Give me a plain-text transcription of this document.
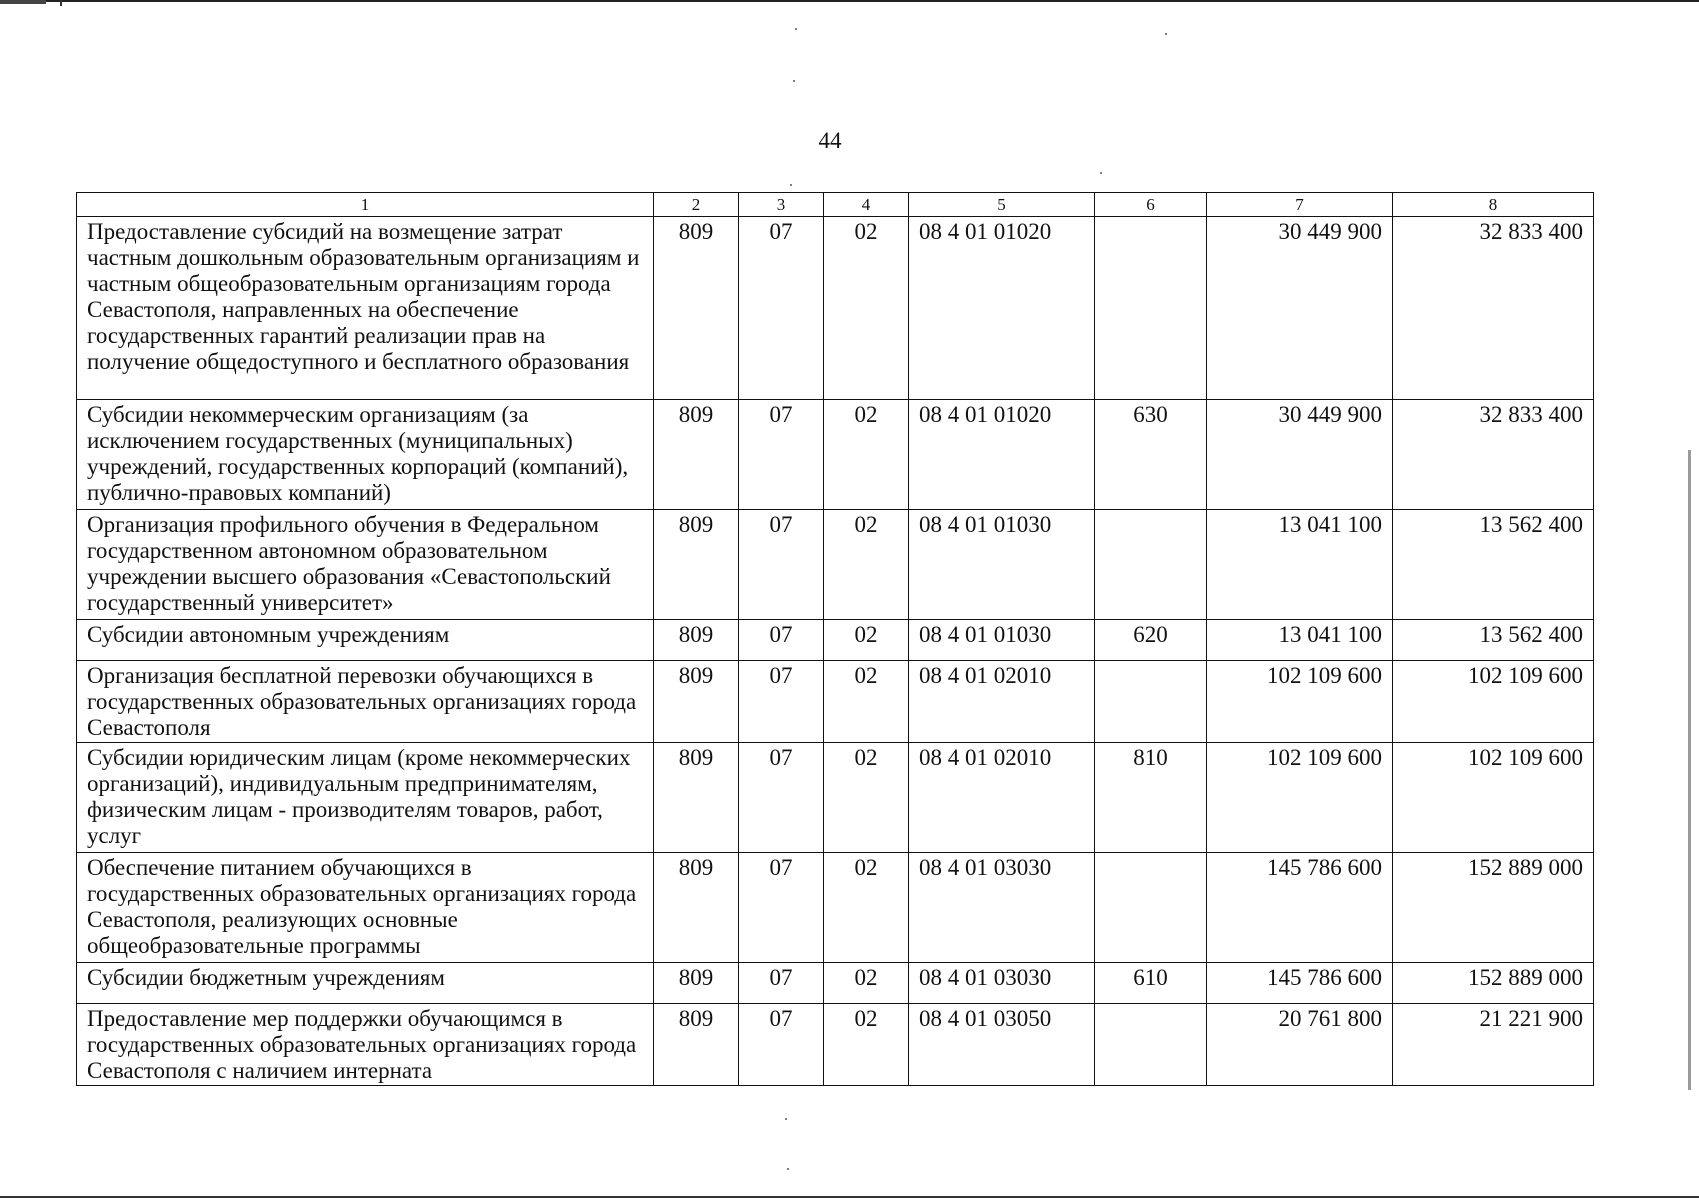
44
1	2	3	4	5	6	7	8
Предоставление субсидий на возмещение затрат частным дошкольным образовательным организациям и частным общеобразовательным организациям города Севастополя, направленных на обеспечение государственных гарантий реализации прав на получение общедоступного и бесплатного образования	809	07	02	08 4 01 01020		30 449 900	32 833 400
Субсидии некоммерческим организациям (за исключением государственных (муниципальных) учреждений, государственных корпораций (компаний), публично-правовых компаний)	809	07	02	08 4 01 01020	630	30 449 900	32 833 400
Организация профильного обучения в Федеральном государственном автономном образовательном учреждении высшего образования «Севастопольский государственный университет»	809	07	02	08 4 01 01030		13 041 100	13 562 400
Субсидии автономным учреждениям	809	07	02	08 4 01 01030	620	13 041 100	13 562 400
Организация бесплатной перевозки обучающихся в государственных образовательных организациях города Севастополя	809	07	02	08 4 01 02010		102 109 600	102 109 600
Субсидии юридическим лицам (кроме некоммерческих организаций), индивидуальным предпринимателям, физическим лицам - производителям товаров, работ, услуг	809	07	02	08 4 01 02010	810	102 109 600	102 109 600
Обеспечение питанием обучающихся в государственных образовательных организациях города Севастополя, реализующих основные общеобразовательные программы	809	07	02	08 4 01 03030		145 786 600	152 889 000
Субсидии бюджетным учреждениям	809	07	02	08 4 01 03030	610	145 786 600	152 889 000
Предоставление мер поддержки обучающимся в государственных образовательных организациях города Севастополя с наличием интерната	809	07	02	08 4 01 03050		20 761 800	21 221 900
